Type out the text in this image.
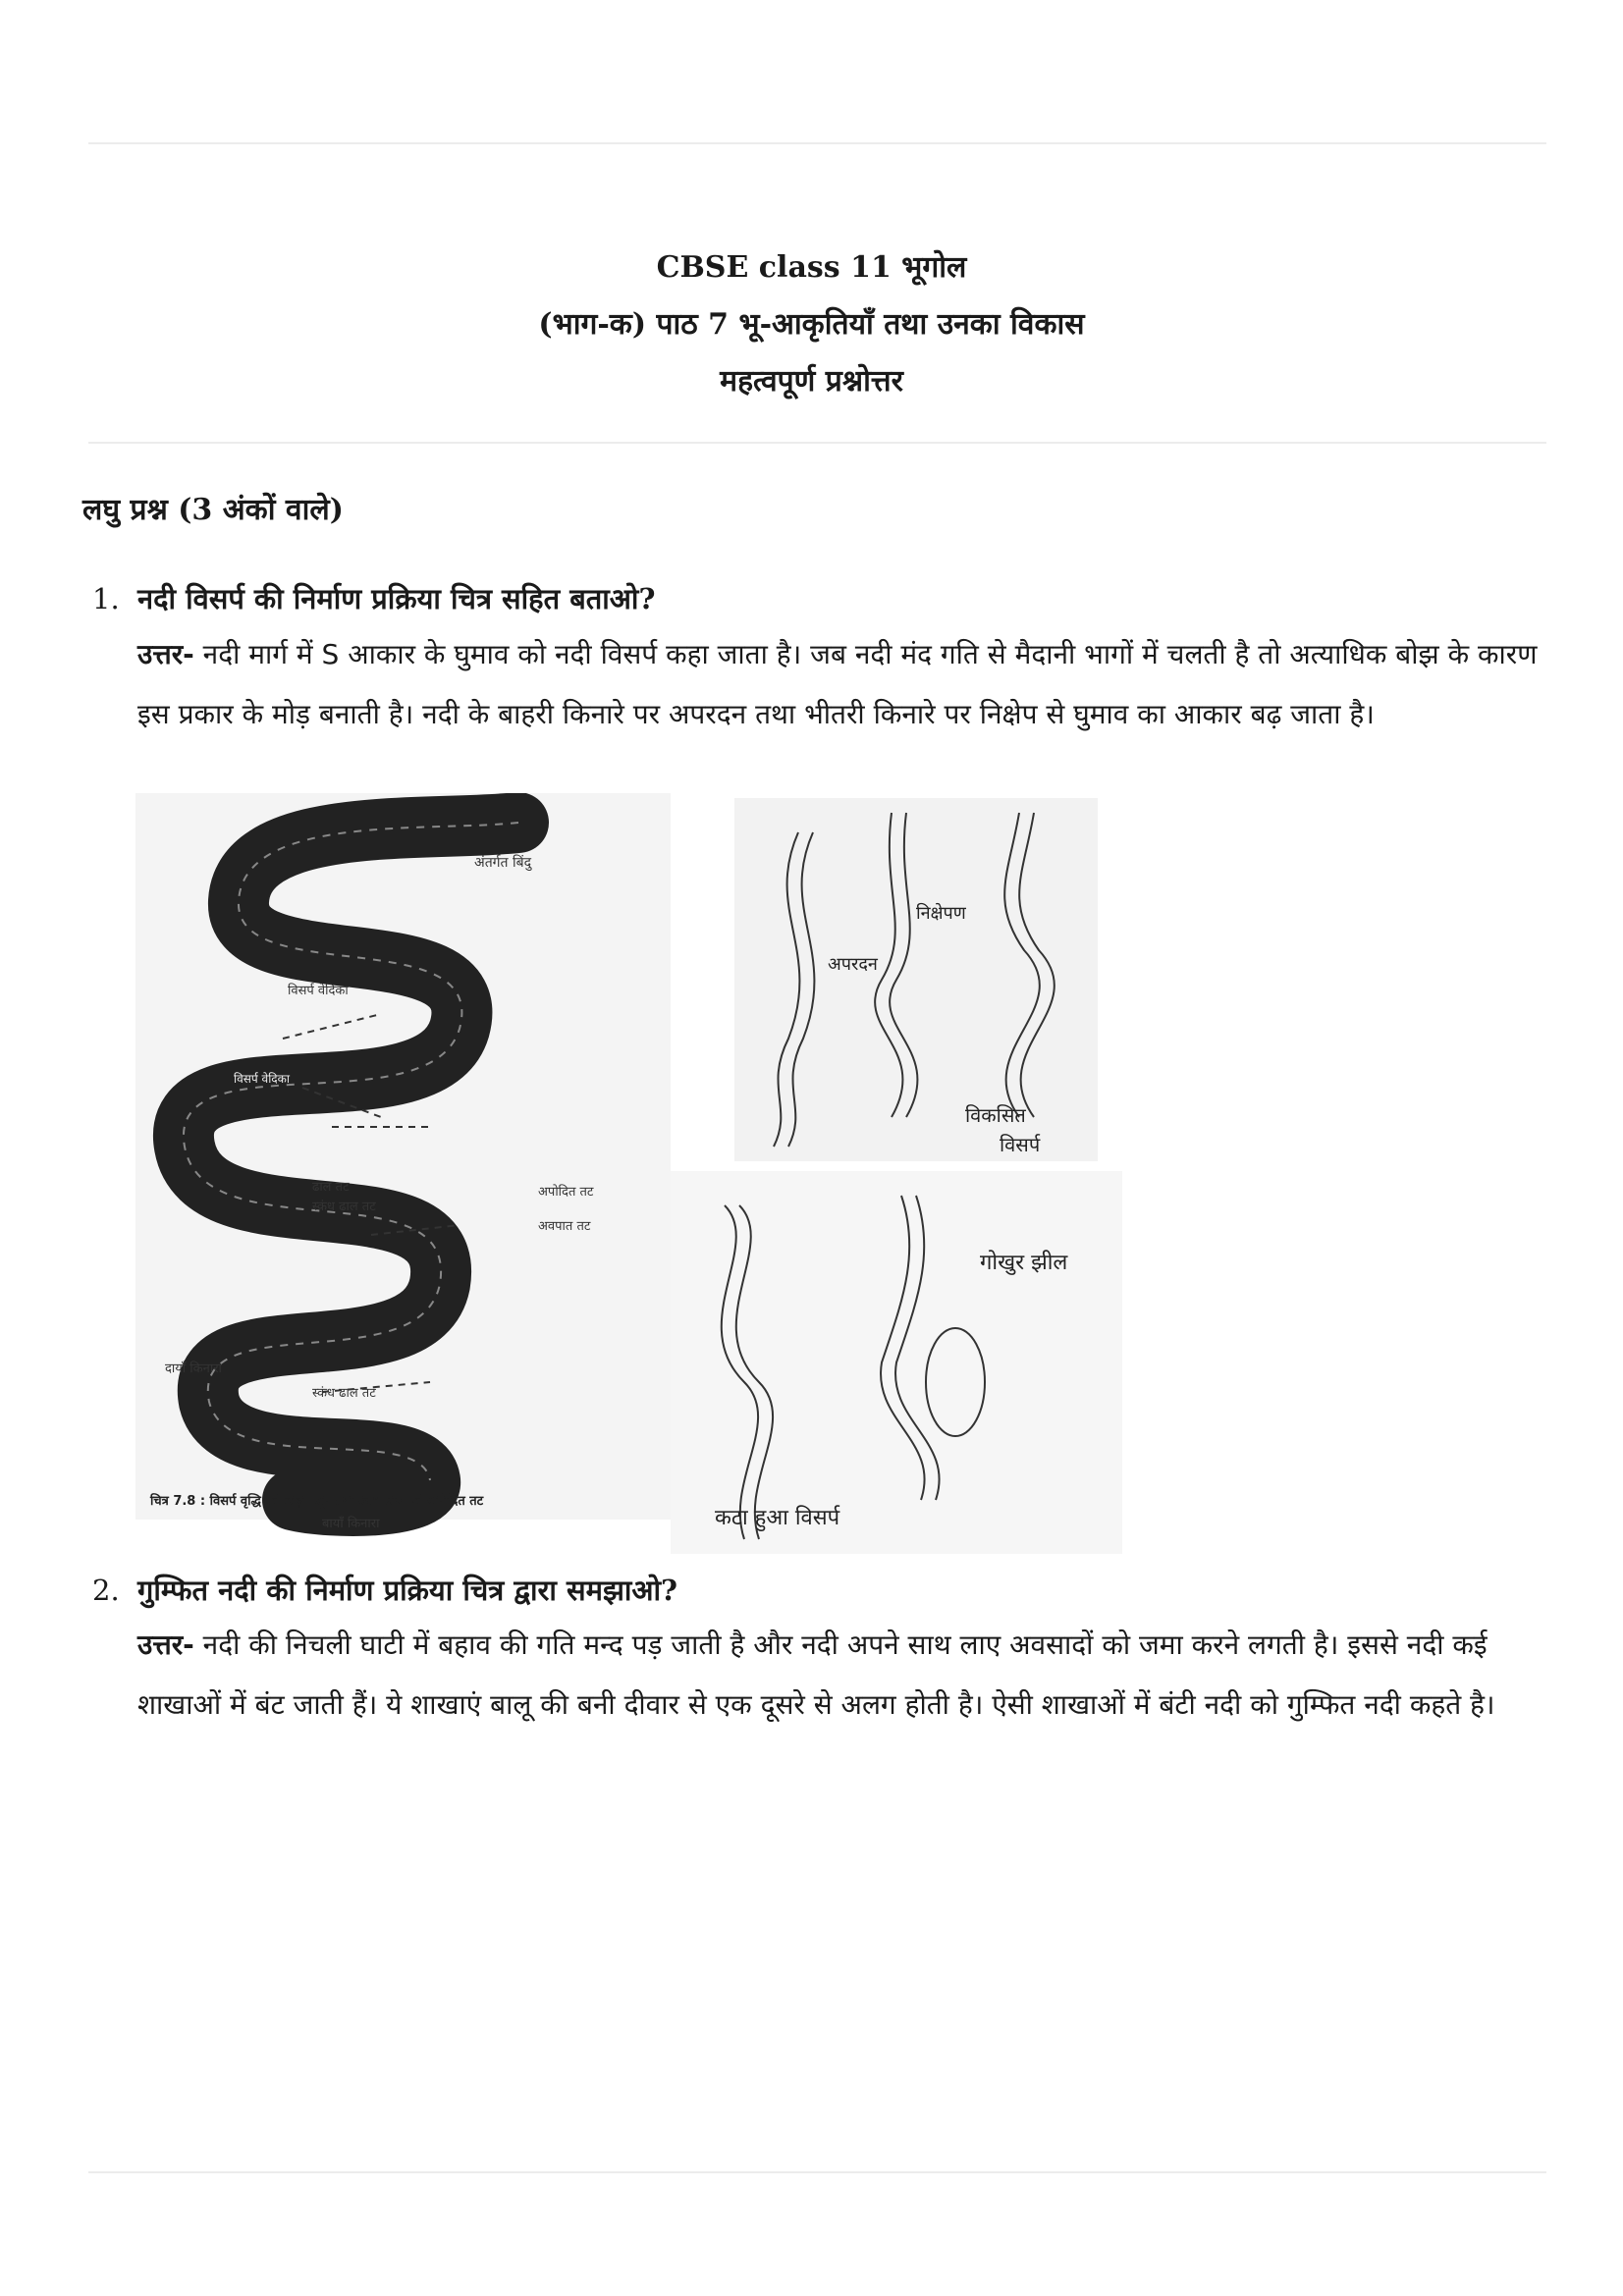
CBSE class 11 भूगोल
(भाग-क) पाठ 7 भू-आकृतियाँ तथा उनका विकास
महत्वपूर्ण प्रश्नोत्तर
लघु प्रश्न (3 अंकों वाले)
1. नदी विसर्प की निर्माण प्रक्रिया चित्र सहित बताओ?
उत्तर- नदी मार्ग में S आकार के घुमाव को नदी विसर्प कहा जाता है। जब नदी मंद गति से मैदानी भागों में चलती है तो अत्याधिक बोझ के कारण इस प्रकार के मोड़ बनाती है। नदी के बाहरी किनारे पर अपरदन तथा भीतरी किनारे पर निक्षेप से घुमाव का आकार बढ़ जाता है।
अंतर्गत बिंदु
विसर्प वेदिका
विसर्प वेदिका
ढाल तट
स्कंध ढाल तट
अपोदित तट
अवपात तट
स्कंध ढाल तट
दायाँ किनारा
बायाँ किनारा
चित्र 7.8 : विसर्प वृद्धि एवं छाड़न लूप तथा स्कंध ढाल एवं अपोदित तट
निक्षेपण
अपरदन
विकसित
विसर्प
गोखुर झील
कटा हुआ विसर्प
2. गुम्फित नदी की निर्माण प्रक्रिया चित्र द्वारा समझाओ?
उत्तर- नदी की निचली घाटी में बहाव की गति मन्द पड़ जाती है और नदी अपने साथ लाए अवसादों को जमा करने लगती है। इससे नदी कई शाखाओं में बंट जाती हैं। ये शाखाएं बालू की बनी दीवार से एक दूसरे से अलग होती है। ऐसी शाखाओं में बंटी नदी को गुम्फित नदी कहते है।
